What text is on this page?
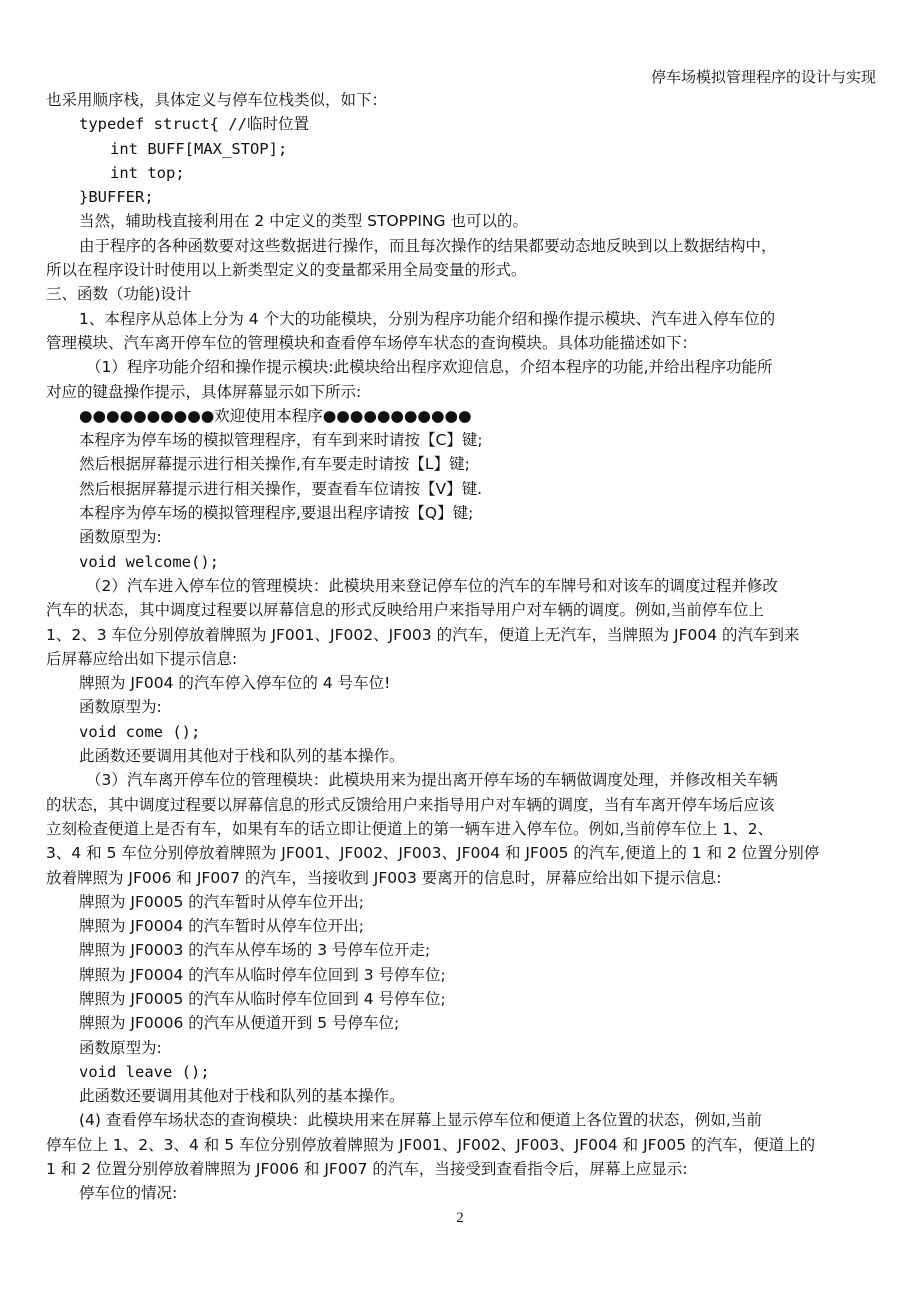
停车场模拟管理程序的设计与实现
也采用顺序栈，具体定义与停车位栈类似，如下：
typedef struct{ //临时位置
int BUFF[MAX_STOP];
int top;
}BUFFER;
当然，辅助栈直接利用在 2 中定义的类型 STOPPING 也可以的。
由于程序的各种函数要对这些数据进行操作，而且每次操作的结果都要动态地反映到以上数据结构中，
所以在程序设计时使用以上新类型定义的变量都采用全局变量的形式。
三、函数（功能)设计
1、本程序从总体上分为 4 个大的功能模块，分别为程序功能介绍和操作提示模块、汽车进入停车位的
管理模块、汽车离开停车位的管理模块和查看停车场停车状态的查询模块。具体功能描述如下：
（1）程序功能介绍和操作提示模块:此模块给出程序欢迎信息，介绍本程序的功能,并给出程序功能所
对应的键盘操作提示，具体屏幕显示如下所示:
●●●●●●●●●●欢迎使用本程序●●●●●●●●●●●
本程序为停车场的模拟管理程序，有车到来时请按【C】键;
然后根据屏幕提示进行相关操作,有车要走时请按【L】键;
然后根据屏幕提示进行相关操作，要查看车位请按【V】键.
本程序为停车场的模拟管理程序,要退出程序请按【Q】键;
函数原型为:
void welcome();
（2）汽车进入停车位的管理模块：此模块用来登记停车位的汽车的车牌号和对该车的调度过程并修改
汽车的状态，其中调度过程要以屏幕信息的形式反映给用户来指导用户对车辆的调度。例如,当前停车位上
1、2、3 车位分别停放着牌照为 JF001、JF002、JF003 的汽车，便道上无汽车，当牌照为 JF004 的汽车到来
后屏幕应给出如下提示信息:
牌照为 JF004 的汽车停入停车位的 4 号车位!
函数原型为:
void come ();
此函数还要调用其他对于栈和队列的基本操作。
（3）汽车离开停车位的管理模块：此模块用来为提出离开停车场的车辆做调度处理，并修改相关车辆
的状态，其中调度过程要以屏幕信息的形式反馈给用户来指导用户对车辆的调度，当有车离开停车场后应该
立刻检查便道上是否有车，如果有车的话立即让便道上的第一辆车进入停车位。例如,当前停车位上 1、2、
3、4 和 5 车位分别停放着牌照为 JF001、JF002、JF003、JF004 和 JF005 的汽车,便道上的 1 和 2 位置分别停
放着牌照为 JF006 和 JF007 的汽车，当接收到 JF003 要离开的信息时，屏幕应给出如下提示信息:
牌照为 JF0005 的汽车暂时从停车位开出;
牌照为 JF0004 的汽车暂时从停车位开出;
牌照为 JF0003 的汽车从停车场的 3 号停车位开走;
牌照为 JF0004 的汽车从临时停车位回到 3 号停车位;
牌照为 JF0005 的汽车从临时停车位回到 4 号停车位;
牌照为 JF0006 的汽车从便道开到 5 号停车位;
函数原型为:
void leave ();
此函数还要调用其他对于栈和队列的基本操作。
(4) 查看停车场状态的查询模块：此模块用来在屏幕上显示停车位和便道上各位置的状态，例如,当前
停车位上 1、2、3、4 和 5 车位分别停放着牌照为 JF001、JF002、JF003、JF004 和 JF005 的汽车，便道上的
1 和 2 位置分别停放着牌照为 JF006 和 JF007 的汽车，当接受到查看指令后，屏幕上应显示:
停车位的情况:
2
